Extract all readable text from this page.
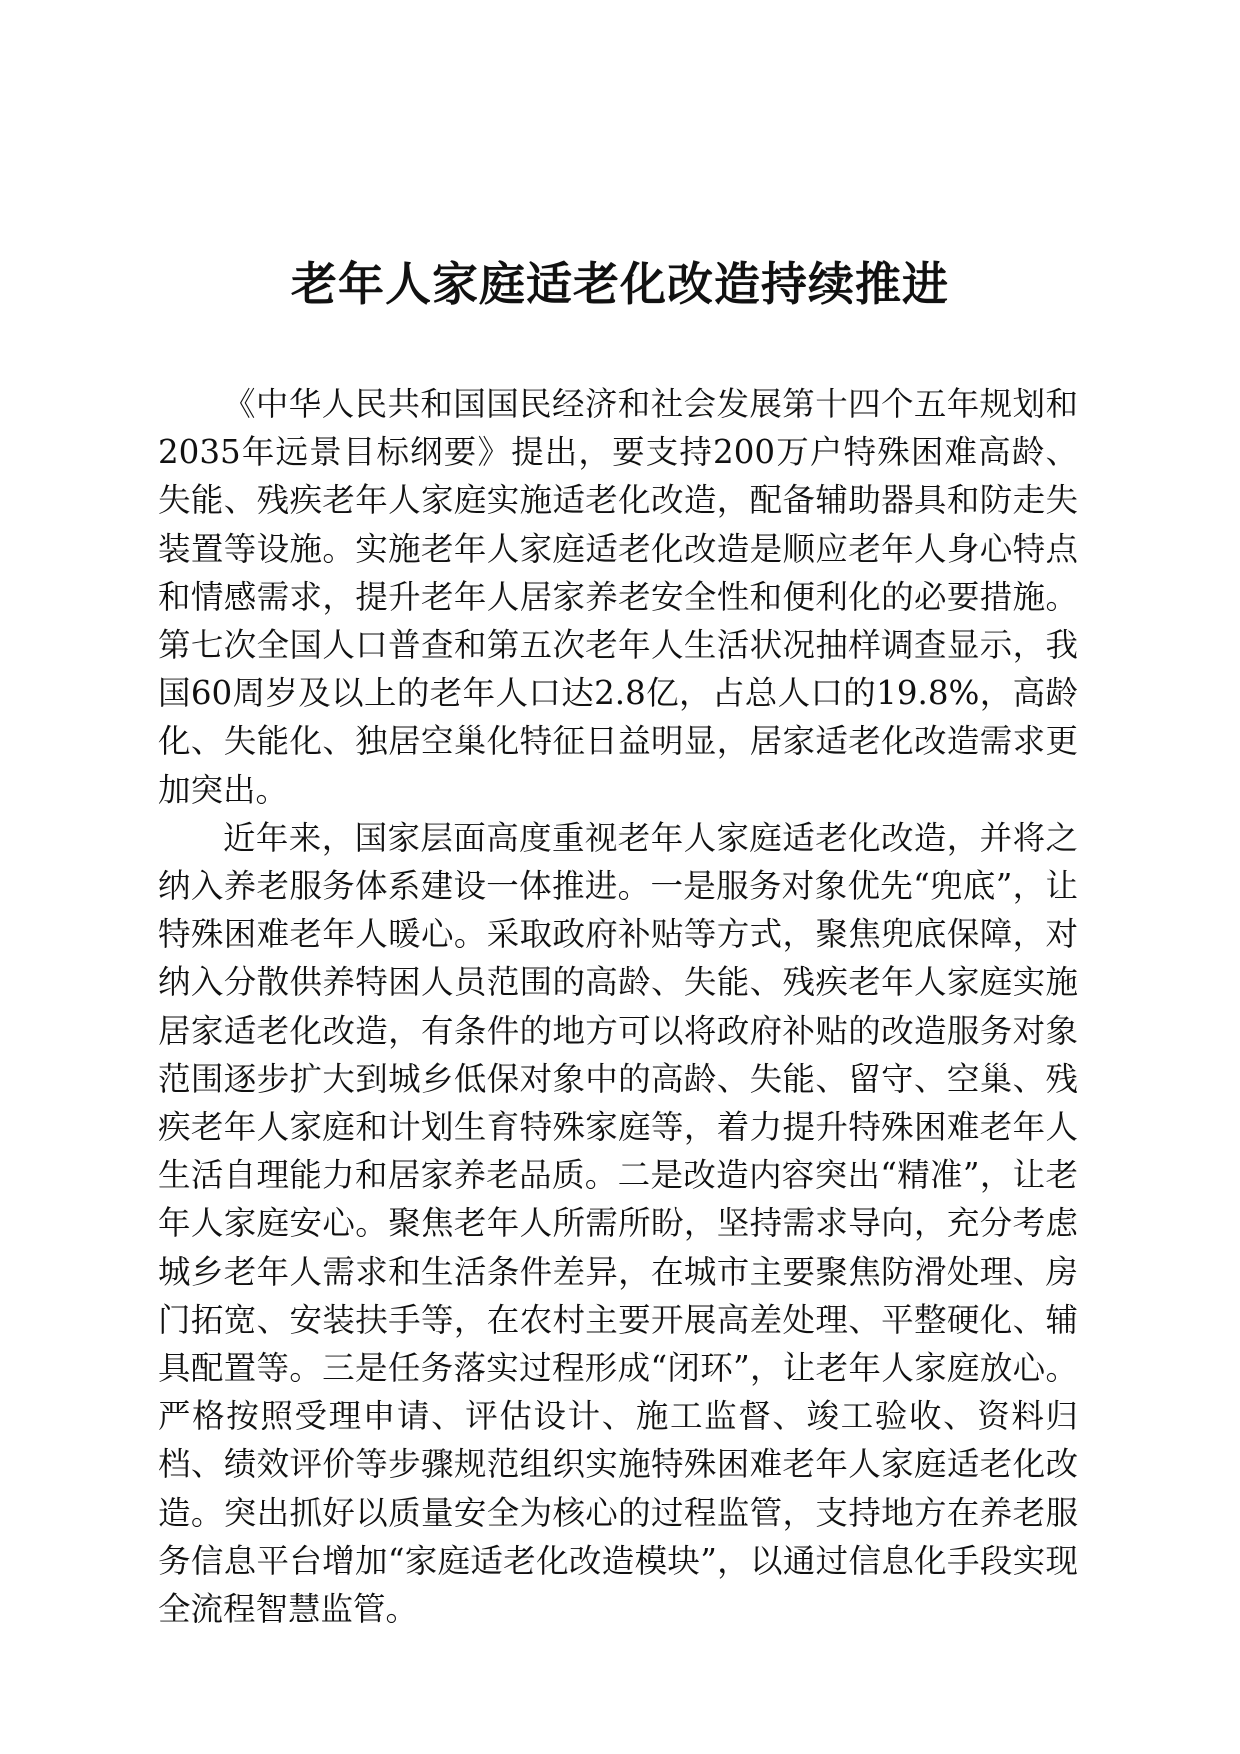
老年人家庭适老化改造持续推进

《中华人民共和国国民经济和社会发展第十四个五年规划和2035年远景目标纲要》提出，要支持200万户特殊困难高龄、失能、残疾老年人家庭实施适老化改造，配备辅助器具和防走失装置等设施。实施老年人家庭适老化改造是顺应老年人身心特点和情感需求，提升老年人居家养老安全性和便利化的必要措施。第七次全国人口普查和第五次老年人生活状况抽样调查显示，我国60周岁及以上的老年人口达2.8亿，占总人口的19.8%，高龄化、失能化、独居空巢化特征日益明显，居家适老化改造需求更加突出。

近年来，国家层面高度重视老年人家庭适老化改造，并将之纳入养老服务体系建设一体推进。一是服务对象优先“兜底”，让特殊困难老年人暖心。采取政府补贴等方式，聚焦兜底保障，对纳入分散供养特困人员范围的高龄、失能、残疾老年人家庭实施居家适老化改造，有条件的地方可以将政府补贴的改造服务对象范围逐步扩大到城乡低保对象中的高龄、失能、留守、空巢、残疾老年人家庭和计划生育特殊家庭等，着力提升特殊困难老年人生活自理能力和居家养老品质。二是改造内容突出“精准”，让老年人家庭安心。聚焦老年人所需所盼，坚持需求导向，充分考虑城乡老年人需求和生活条件差异，在城市主要聚焦防滑处理、房门拓宽、安装扶手等，在农村主要开展高差处理、平整硬化、辅具配置等。三是任务落实过程形成“闭环”，让老年人家庭放心。严格按照受理申请、评估设计、施工监督、竣工验收、资料归档、绩效评价等步骤规范组织实施特殊困难老年人家庭适老化改造。突出抓好以质量安全为核心的过程监管，支持地方在养老服务信息平台增加“家庭适老化改造模块”，以通过信息化手段实现全流程智慧监管。
